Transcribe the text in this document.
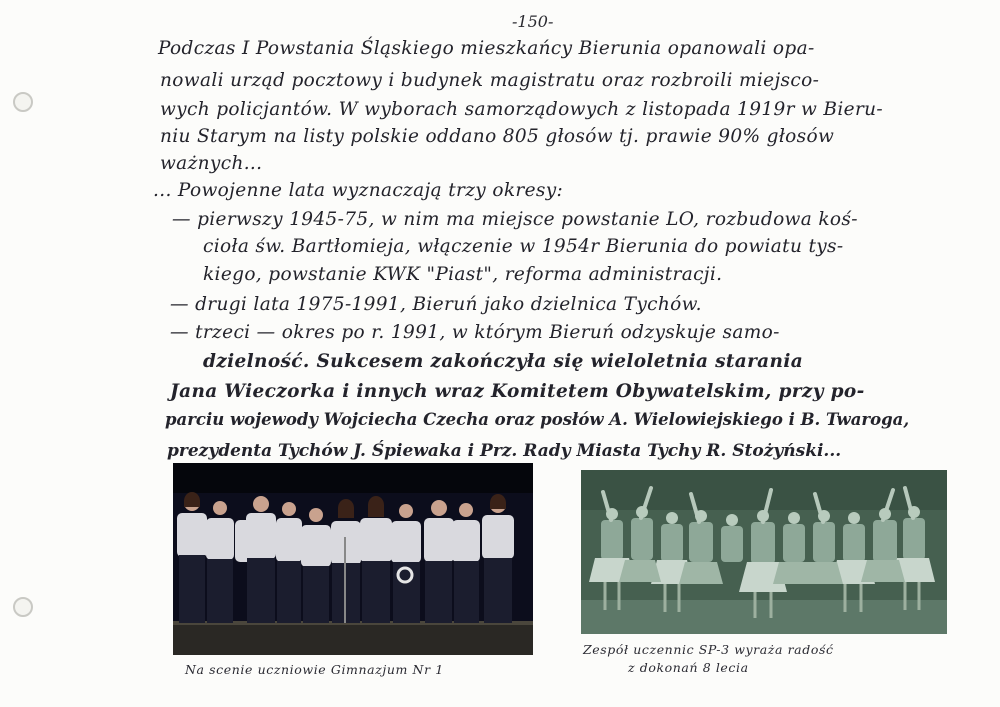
-150-
Podczas I Powstania Śląskiego mieszkańcy Bierunia opanowali opa-
nowali urząd pocztowy i budynek magistratu oraz rozbroili miejsco-
wych policjantów. W wyborach samorządowych z listopada 1919r w Bieru-
niu Starym na listy polskie oddano 805 głosów tj. prawie 90% głosów
ważnych...
... Powojenne lata wyznaczają trzy okresy:
— pierwszy 1945-75, w nim ma miejsce powstanie LO, rozbudowa koś-
cioła św. Bartłomieja, włączenie w 1954r Bierunia do powiatu tys-
kiego, powstanie KWK "Piast", reforma administracji.
— drugi lata 1975-1991, Bieruń jako dzielnica Tychów.
— trzeci — okres po r. 1991, w którym Bieruń odzyskuje samo-
dzielność. Sukcesem zakończyła się wieloletnia starania
Jana Wieczorka i innych wraz Komitetem Obywatelskim, przy po-
parciu wojewody Wojciecha Czecha oraz posłów A. Wielowiejskiego i B. Twaroga,
prezydenta Tychów J. Śpiewaka i Prz. Rady Miasta Tychy R. Stożyński...
Na scenie uczniowie Gimnazjum Nr 1
Zespół uczennic SP-3 wyraża radość
z dokonań 8 lecia
